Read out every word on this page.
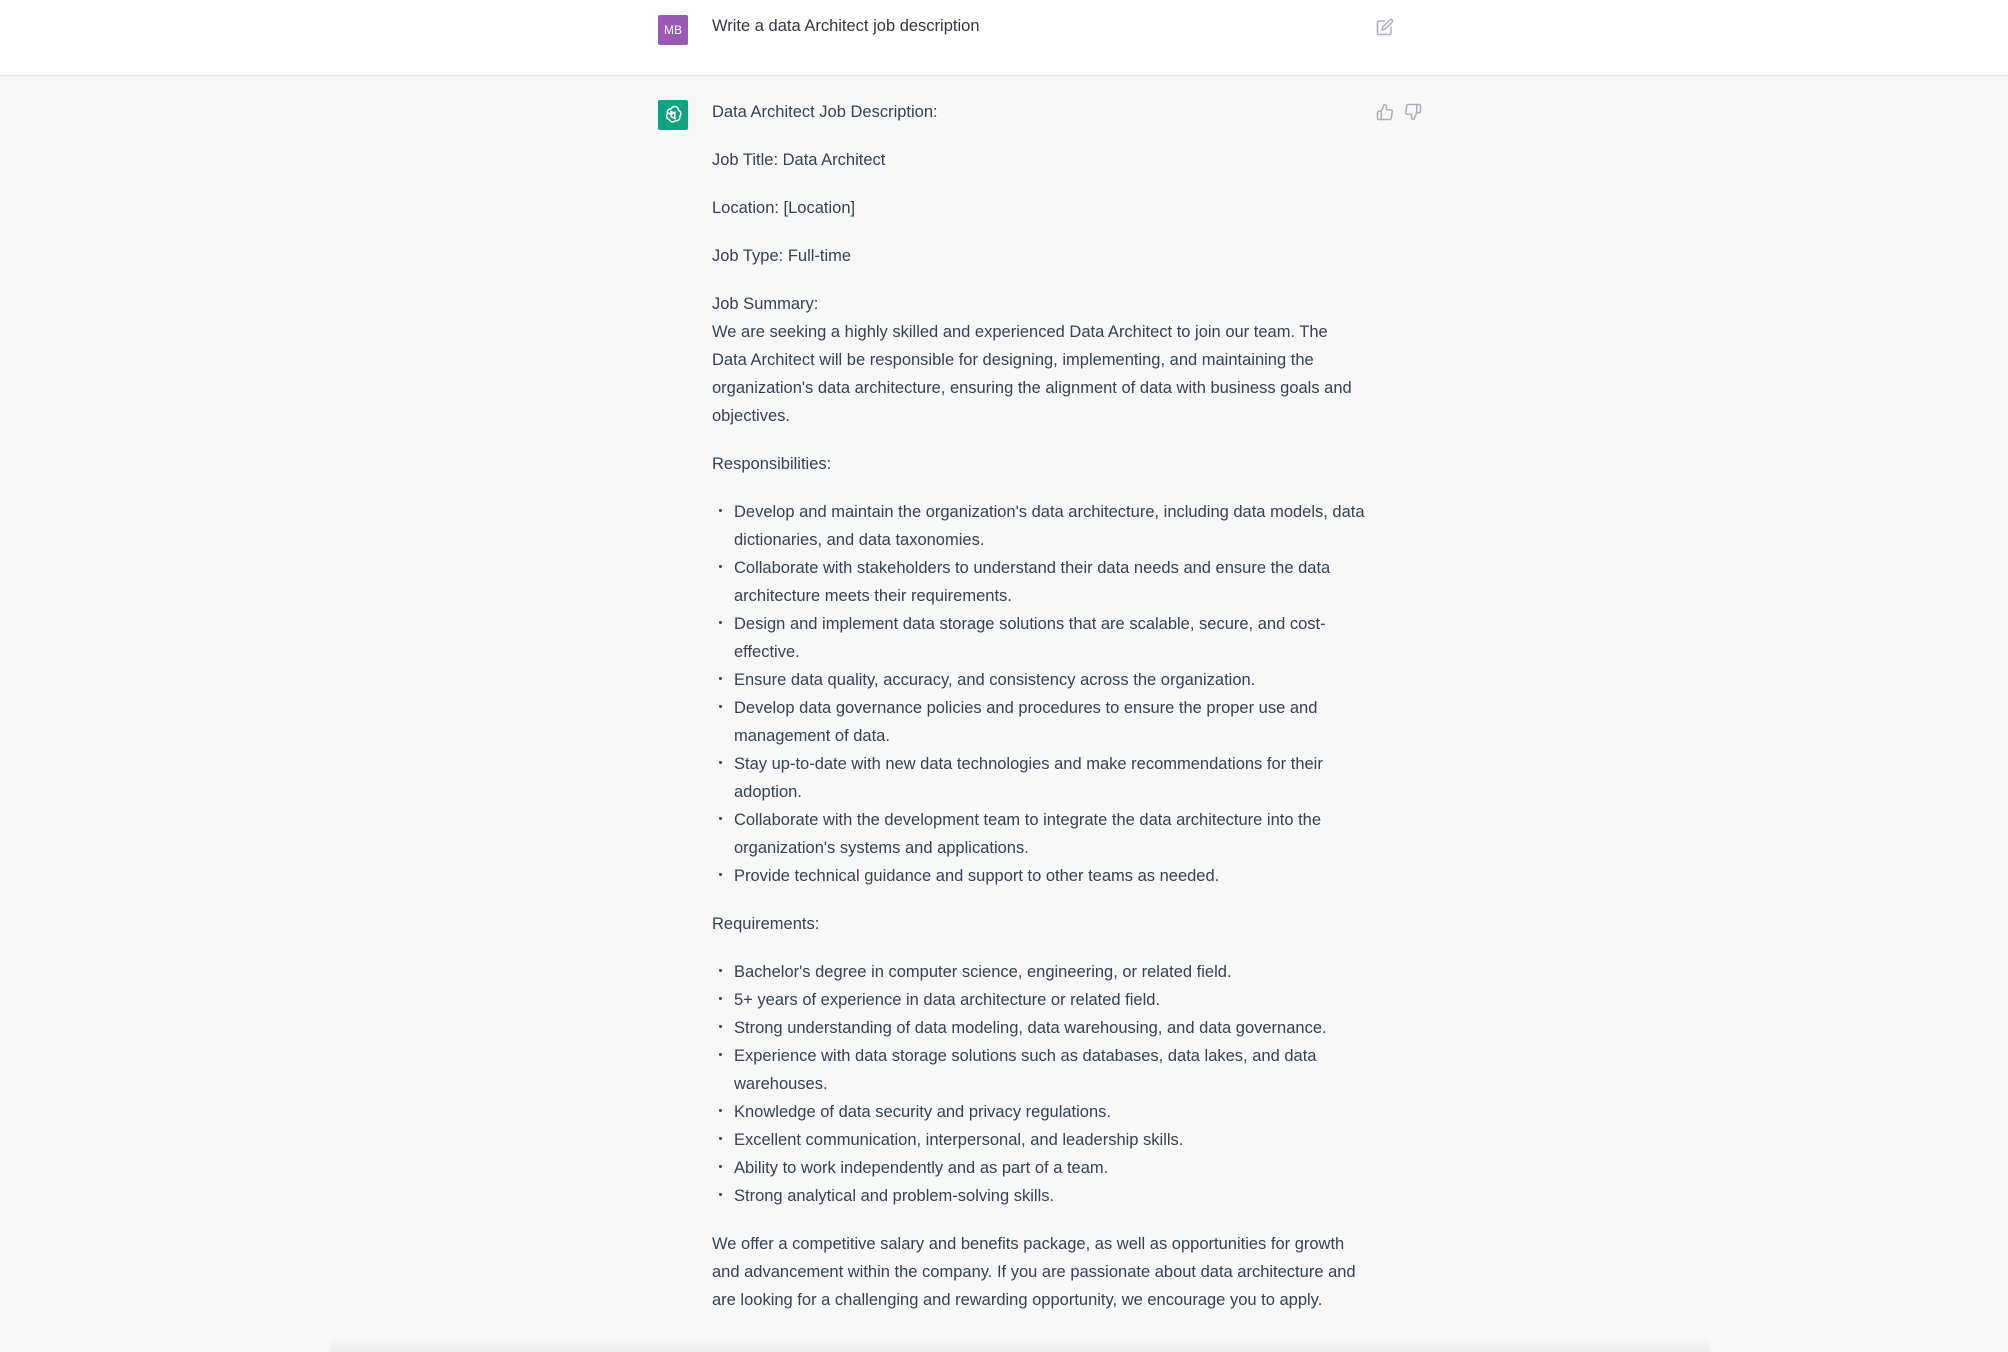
MB	Write a data Architect job description

Data Architect Job Description:

Job Title: Data Architect

Location: [Location]

Job Type: Full-time

Job Summary:
We are seeking a highly skilled and experienced Data Architect to join our team. The Data Architect will be responsible for designing, implementing, and maintaining the organization's data architecture, ensuring the alignment of data with business goals and objectives.

Responsibilities:

Develop and maintain the organization's data architecture, including data models, data dictionaries, and data taxonomies.
Collaborate with stakeholders to understand their data needs and ensure the data architecture meets their requirements.
Design and implement data storage solutions that are scalable, secure, and cost-effective.
Ensure data quality, accuracy, and consistency across the organization.
Develop data governance policies and procedures to ensure the proper use and management of data.
Stay up-to-date with new data technologies and make recommendations for their adoption.
Collaborate with the development team to integrate the data architecture into the organization's systems and applications.
Provide technical guidance and support to other teams as needed.

Requirements:

Bachelor's degree in computer science, engineering, or related field.
5+ years of experience in data architecture or related field.
Strong understanding of data modeling, data warehousing, and data governance.
Experience with data storage solutions such as databases, data lakes, and data warehouses.
Knowledge of data security and privacy regulations.
Excellent communication, interpersonal, and leadership skills.
Ability to work independently and as part of a team.
Strong analytical and problem-solving skills.

We offer a competitive salary and benefits package, as well as opportunities for growth and advancement within the company. If you are passionate about data architecture and are looking for a challenging and rewarding opportunity, we encourage you to apply.
